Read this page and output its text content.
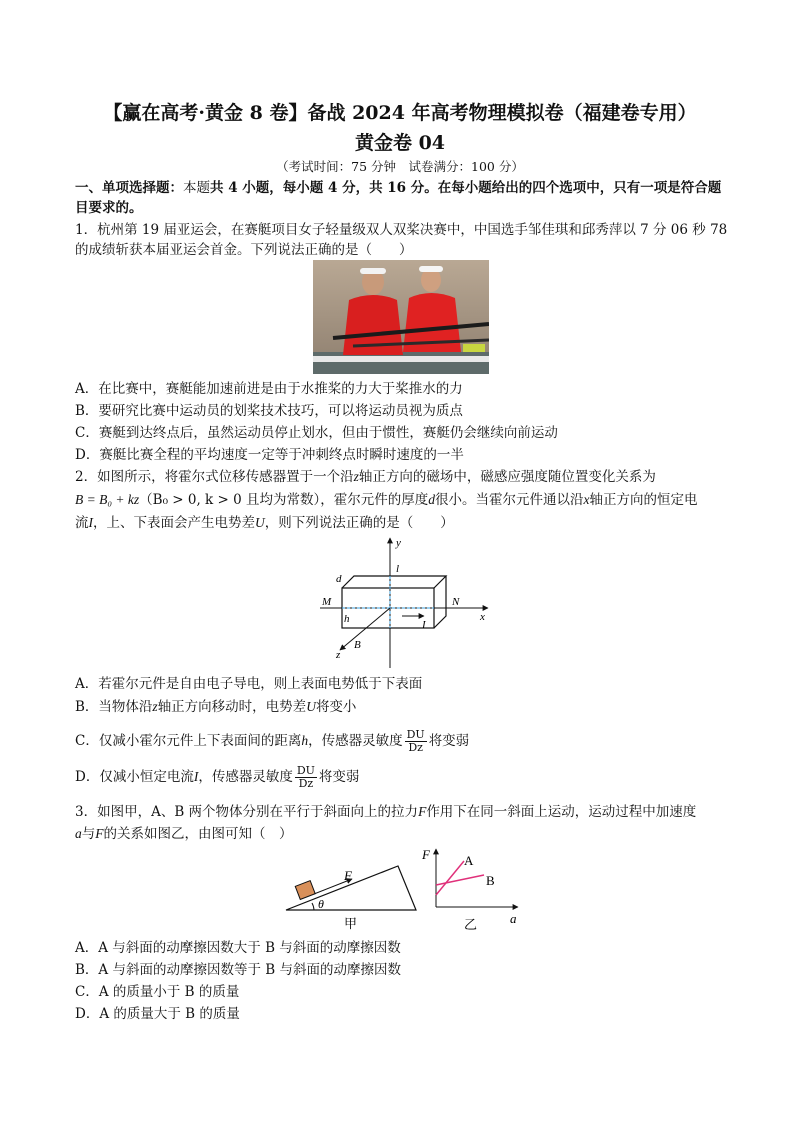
【赢在高考·黄金 8 卷】备战 2024 年高考物理模拟卷（福建卷专用）
黄金卷 04
（考试时间：75 分钟　试卷满分：100 分）
一、单项选择题：本题共 4 小题，每小题 4 分，共 16 分。在每小题给出的四个选项中，只有一项是符合题
目要求的。
1．杭州第 19 届亚运会，在赛艇项目女子轻量级双人双桨决赛中，中国选手邹佳琪和邱秀萍以 7 分 06 秒 78
的成绩斩获本届亚运会首金。下列说法正确的是（　　）
A．在比赛中，赛艇能加速前进是由于水推桨的力大于桨推水的力
B．要研究比赛中运动员的划桨技术技巧，可以将运动员视为质点
C．赛艇到达终点后，虽然运动员停止划水，但由于惯性，赛艇仍会继续向前运动
D．赛艇比赛全程的平均速度一定等于冲刺终点时瞬时速度的一半
2．如图所示，将霍尔式位移传感器置于一个沿z轴正方向的磁场中，磁感应强度随位置变化关系为
B = B₀ + kz（B₀ > 0, k > 0 且均为常数），霍尔元件的厚度d很小。当霍尔元件通以沿x轴正方向的恒定电
流I，上、下表面会产生电势差U，则下列说法正确的是（　　）
y
x
z
l
d
M	N
h
B
I
A．若霍尔元件是自由电子导电，则上表面电势低于下表面
B．当物体沿z轴正方向移动时，电势差U将变小
C．仅减小霍尔元件上下表面间的距离h，传感器灵敏度 $\frac{DU}{Dz}$ 将变弱
D．仅减小恒定电流I，传感器灵敏度 $\frac{DU}{Dz}$ 将变弱
3．如图甲，A、B 两个物体分别在平行于斜面向上的拉力F作用下在同一斜面上运动，运动过程中加速度
a与F的关系如图乙，由图可知（　）
F
θ
甲
F	A
B
a
乙
A．A 与斜面的动摩擦因数大于 B 与斜面的动摩擦因数
B．A 与斜面的动摩擦因数等于 B 与斜面的动摩擦因数
C．A 的质量小于 B 的质量
D．A 的质量大于 B 的质量
